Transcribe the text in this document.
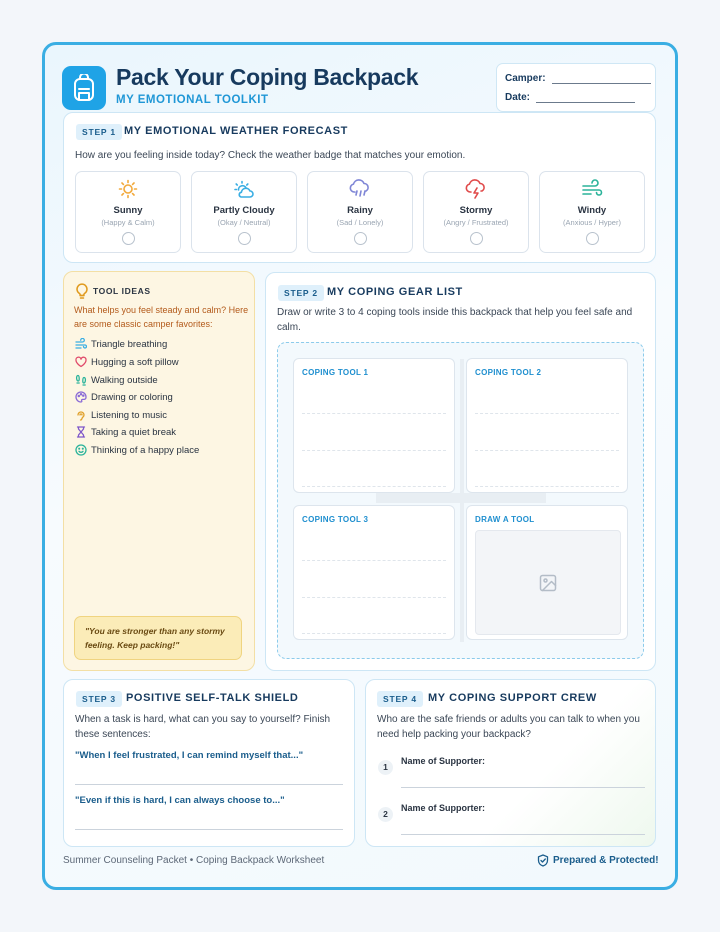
Pack Your Coping Backpack
MY EMOTIONAL TOOLKIT
Camper:
Date:
STEP 1 MY EMOTIONAL WEATHER FORECAST
How are you feeling inside today? Check the weather badge that matches your emotion.
Sunny
(Happy & Calm)
Partly Cloudy
(Okay / Neutral)
Rainy
(Sad / Lonely)
Stormy
(Angry / Frustrated)
Windy
(Anxious / Hyper)
TOOL IDEAS
What helps you feel steady and calm? Here are some classic camper favorites:
Triangle breathing
Hugging a soft pillow
Walking outside
Drawing or coloring
Listening to music
Taking a quiet break
Thinking of a happy place
"You are stronger than any stormy feeling. Keep packing!"
STEP 2 MY COPING GEAR LIST
Draw or write 3 to 4 coping tools inside this backpack that help you feel safe and calm.
COPING TOOL 1	COPING TOOL 2
COPING TOOL 3	DRAW A TOOL
STEP 3 POSITIVE SELF-TALK SHIELD
When a task is hard, what can you say to yourself? Finish these sentences:
"When I feel frustrated, I can remind myself that..."
"Even if this is hard, I can always choose to..."
STEP 4	MY COPING SUPPORT CREW
Who are the safe friends or adults you can talk to when you need help packing your backpack?
1
Name of Supporter:
2
Name of Supporter:
Summer Counseling Packet • Coping Backpack Worksheet	Prepared & Protected!
